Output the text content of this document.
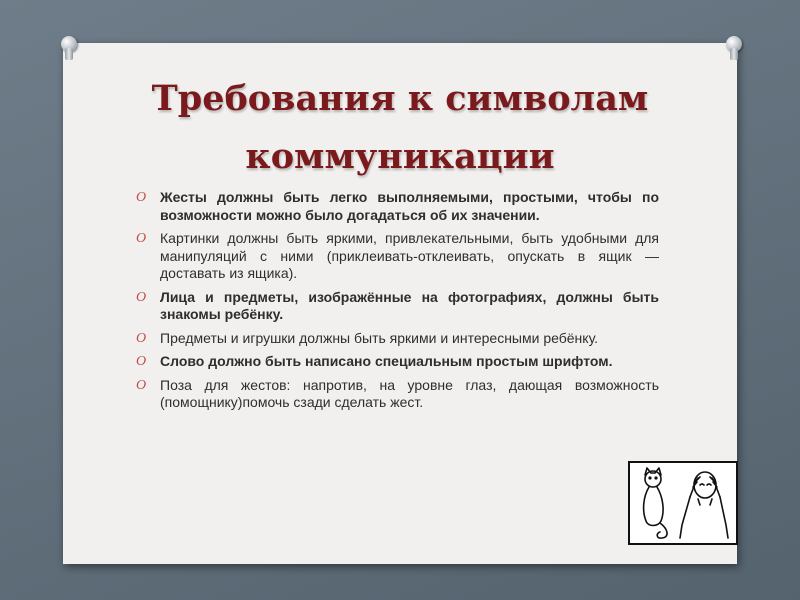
Требования к символам
коммуникации
O Жесты должны быть легко выполняемыми, простыми, чтобы по возможности можно было догадаться об их значении.
O Картинки должны быть яркими, привлекательными, быть удобными для манипуляций с ними (приклеивать-отклеивать, опускать в ящик — доставать из ящика).
O Лица и предметы, изображённые на фотографиях, должны быть знакомы ребёнку.
O Предметы и игрушки должны быть яркими и интересными ребёнку.
O Слово должно быть написано специальным простым шрифтом.
O Поза для жестов: напротив, на уровне глаз, дающая возможность (помощнику)помочь сзади сделать жест.
